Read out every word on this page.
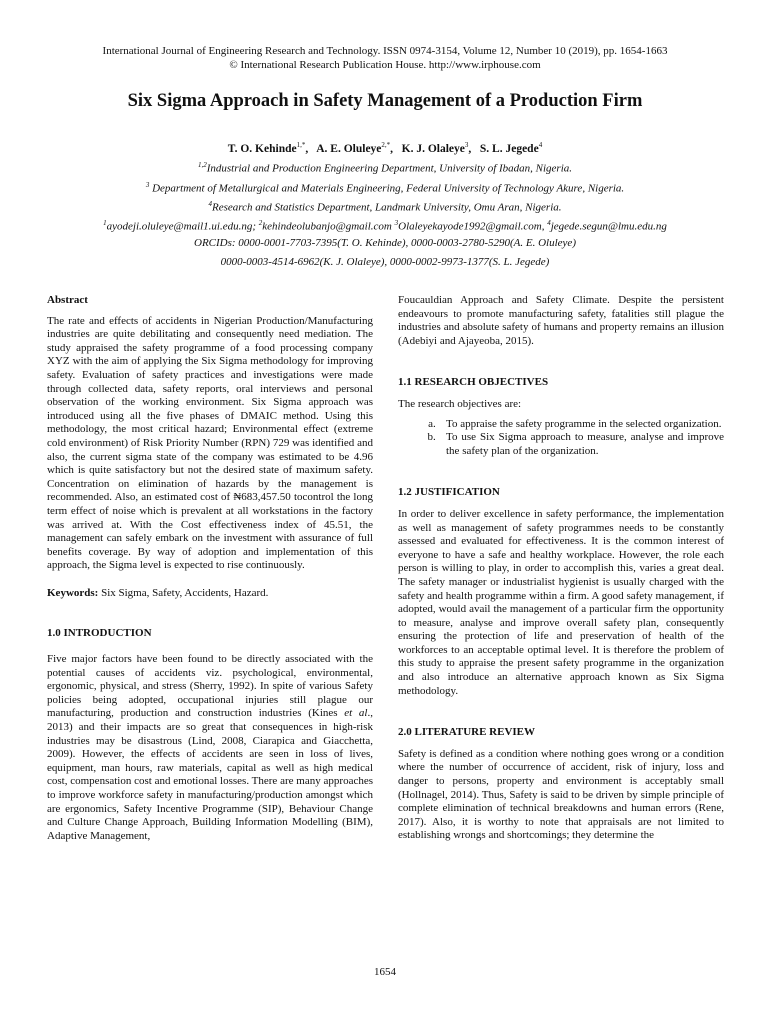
International Journal of Engineering Research and Technology. ISSN 0974-3154, Volume 12, Number 10 (2019), pp. 1654-1663
© International Research Publication House. http://www.irphouse.com
Six Sigma Approach in Safety Management of a Production Firm
T. O. Kehinde$^{1,*}$,   A. E. Oluleye$^{2,*}$,   K. J. Olaleye$^3$,   S. L. Jegede$^4$
$^{1,2}$Industrial and Production Engineering Department, University of Ibadan, Nigeria.
$^3$ Department of Metallurgical and Materials Engineering, Federal University of Technology Akure, Nigeria.
$^4$Research and Statistics Department, Landmark University, Omu Aran, Nigeria.
$^1$ayodeji.oluleye@mail1.ui.edu.ng; $^2$kehindeolubanjo@gmail.com $^3$Olaleyekayode1992@gmail.com, $^4$jegede.segun@lmu.edu.ng
ORCIDs: 0000-0001-7703-7395(T. O. Kehinde), 0000-0003-2780-5290(A. E. Oluleye)
0000-0003-4514-6962(K. J. Olaleye), 0000-0002-9973-1377(S. L. Jegede)

Abstract

The rate and effects of accidents in Nigerian Production/Manufacturing industries are quite debilitating and consequently need mediation. The study appraised the safety programme of a food processing company XYZ with the aim of applying the Six Sigma methodology for improving safety. Evaluation of safety practices and investigations were made through collected data, safety reports, oral interviews and personal observation of the working environment. Six Sigma approach was introduced using all the five phases of DMAIC method. Using this methodology, the most critical hazard; Environmental effect (extreme cold environment) of Risk Priority Number (RPN) 729 was identified and also, the current sigma state of the company was estimated to be 4.96 which is quite satisfactory but not the desired state of maximum safety. Concentration on elimination of hazards by the management is recommended. Also, an estimated cost of ₦683,457.50 tocontrol the long term effect of noise which is prevalent at all workstations in the factory was arrived at. With the Cost effectiveness index of 45.51, the management can safely embark on the investment with assurance of full benefits coverage. By way of adoption and implementation of this approach, the Sigma level is expected to rise continuously.

Keywords: Six Sigma, Safety, Accidents, Hazard.

1.0 INTRODUCTION

Five major factors have been found to be directly associated with the potential causes of accidents viz. psychological, environmental, ergonomic, physical, and stress (Sherry, 1992). In spite of various Safety policies being adopted, occupational injuries still plague our manufacturing, production and construction industries (Kines et al., 2013) and their impacts are so great that consequences in high-risk industries may be disastrous (Lind, 2008, Ciarapica and Giacchetta, 2009). However, the effects of accidents are seen in loss of lives, equipment, man hours, raw materials, capital as well as high medical cost, compensation cost and emotional losses. There are many approaches to improve workforce safety in manufacturing/production amongst which are ergonomics, Safety Incentive Programme (SIP), Behaviour Change and Culture Change Approach, Building Information Modelling (BIM), Adaptive Management,

Foucauldian Approach and Safety Climate. Despite the persistent endeavours to promote manufacturing safety, fatalities still plague the industries and absolute safety of humans and property remains an illusion (Adebiyi and Ajayeoba, 2015).

1.1 RESEARCH OBJECTIVES

The research objectives are:

a. To appraise the safety programme in the selected organization.
b. To use Six Sigma approach to measure, analyse and improve the safety plan of the organization.

1.2 JUSTIFICATION

In order to deliver excellence in safety performance, the implementation as well as management of safety programmes needs to be constantly assessed and evaluated for effectiveness. It is the common interest of everyone to have a safe and healthy workplace. However, the role each person is willing to play, in order to accomplish this, varies a great deal. The safety manager or industrialist hygienist is usually charged with the safety and health programme within a firm. A good safety management, if adopted, would avail the management of a particular firm the opportunity to measure, analyse and improve overall safety plan, consequently ensuring the protection of life and preservation of health of the workforces to an acceptable optimal level. It is therefore the problem of this study to appraise the present safety programme in the organization and also introduce an alternative approach known as Six Sigma methodology.

2.0 LITERATURE REVIEW

Safety is defined as a condition where nothing goes wrong or a condition where the number of occurrence of accident, risk of injury, loss and danger to persons, property and environment is acceptably small (Hollnagel, 2014). Thus, Safety is said to be driven by simple principle of complete elimination of technical breakdowns and human errors (Rene, 2017). Also, it is worthy to note that appraisals are not limited to establishing wrongs and shortcomings; they determine the

1654
